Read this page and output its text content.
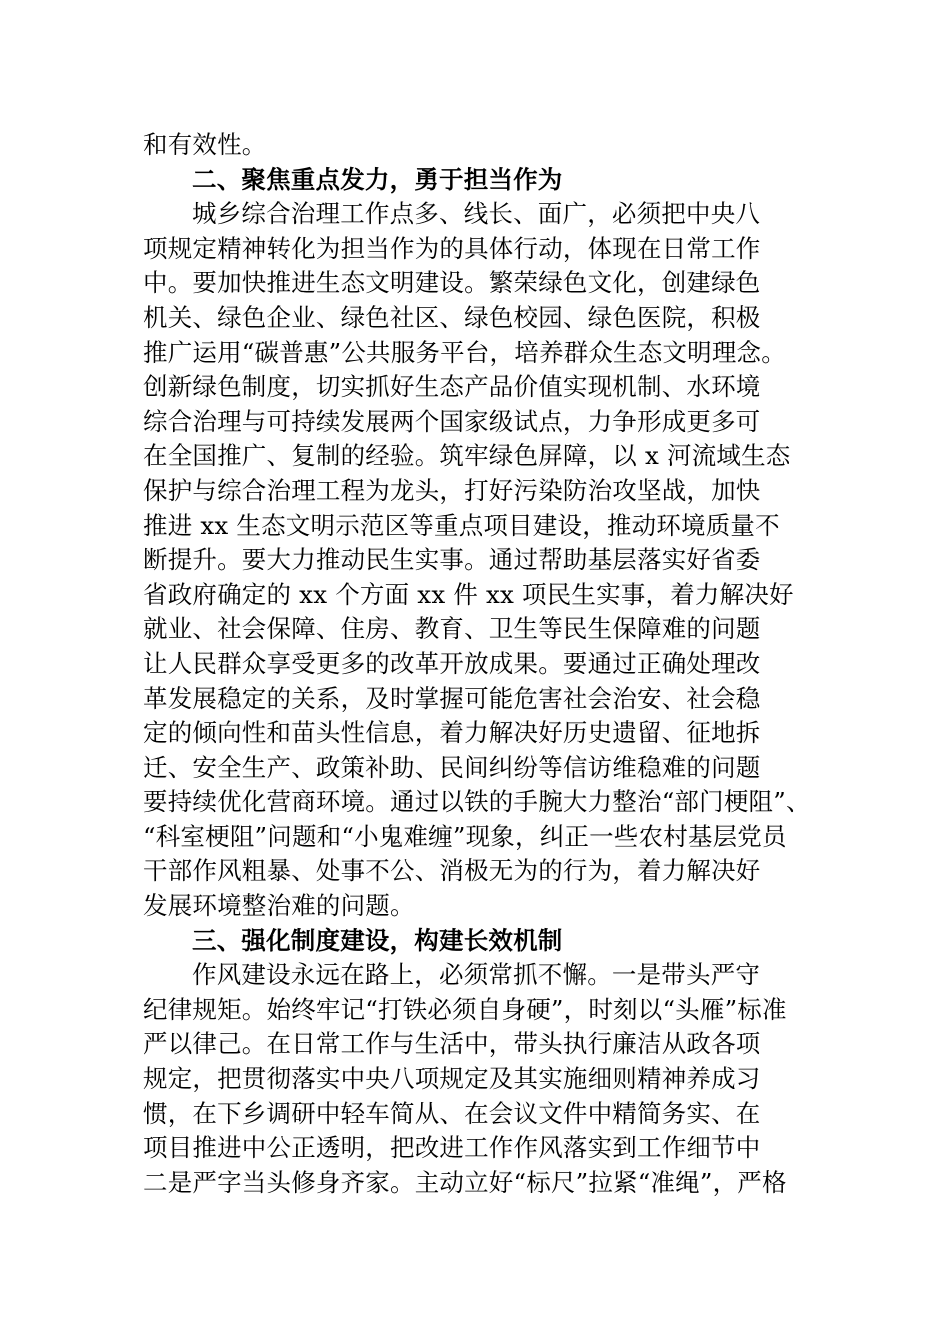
和有效性。
二、聚焦重点发力，勇于担当作为
城乡综合治理工作点多、线长、面广，必须把中央八
项规定精神转化为担当作为的具体行动，体现在日常工作
中。要加快推进生态文明建设。繁荣绿色文化，创建绿色
机关、绿色企业、绿色社区、绿色校园、绿色医院，积极
推广运用“碳普惠”公共服务平台，培养群众生态文明理念。
创新绿色制度，切实抓好生态产品价值实现机制、水环境
综合治理与可持续发展两个国家级试点，力争形成更多可
在全国推广、复制的经验。筑牢绿色屏障，以 x 河流域生态
保护与综合治理工程为龙头，打好污染防治攻坚战，加快
推进 xx 生态文明示范区等重点项目建设，推动环境质量不
断提升。要大力推动民生实事。通过帮助基层落实好省委
省政府确定的 xx 个方面 xx 件 xx 项民生实事，着力解决好
就业、社会保障、住房、教育、卫生等民生保障难的问题
让人民群众享受更多的改革开放成果。要通过正确处理改
革发展稳定的关系，及时掌握可能危害社会治安、社会稳
定的倾向性和苗头性信息，着力解决好历史遗留、征地拆
迁、安全生产、政策补助、民间纠纷等信访维稳难的问题
要持续优化营商环境。通过以铁的手腕大力整治“部门梗阻”、
“科室梗阻”问题和“小鬼难缠”现象，纠正一些农村基层党员
干部作风粗暴、处事不公、消极无为的行为，着力解决好
发展环境整治难的问题。
三、强化制度建设，构建长效机制
作风建设永远在路上，必须常抓不懈。一是带头严守
纪律规矩。始终牢记“打铁必须自身硬”，时刻以“头雁”标准
严以律己。在日常工作与生活中，带头执行廉洁从政各项
规定，把贯彻落实中央八项规定及其实施细则精神养成习
惯，在下乡调研中轻车简从、在会议文件中精简务实、在
项目推进中公正透明，把改进工作作风落实到工作细节中
二是严字当头修身齐家。主动立好“标尺”拉紧“准绳”，严格
